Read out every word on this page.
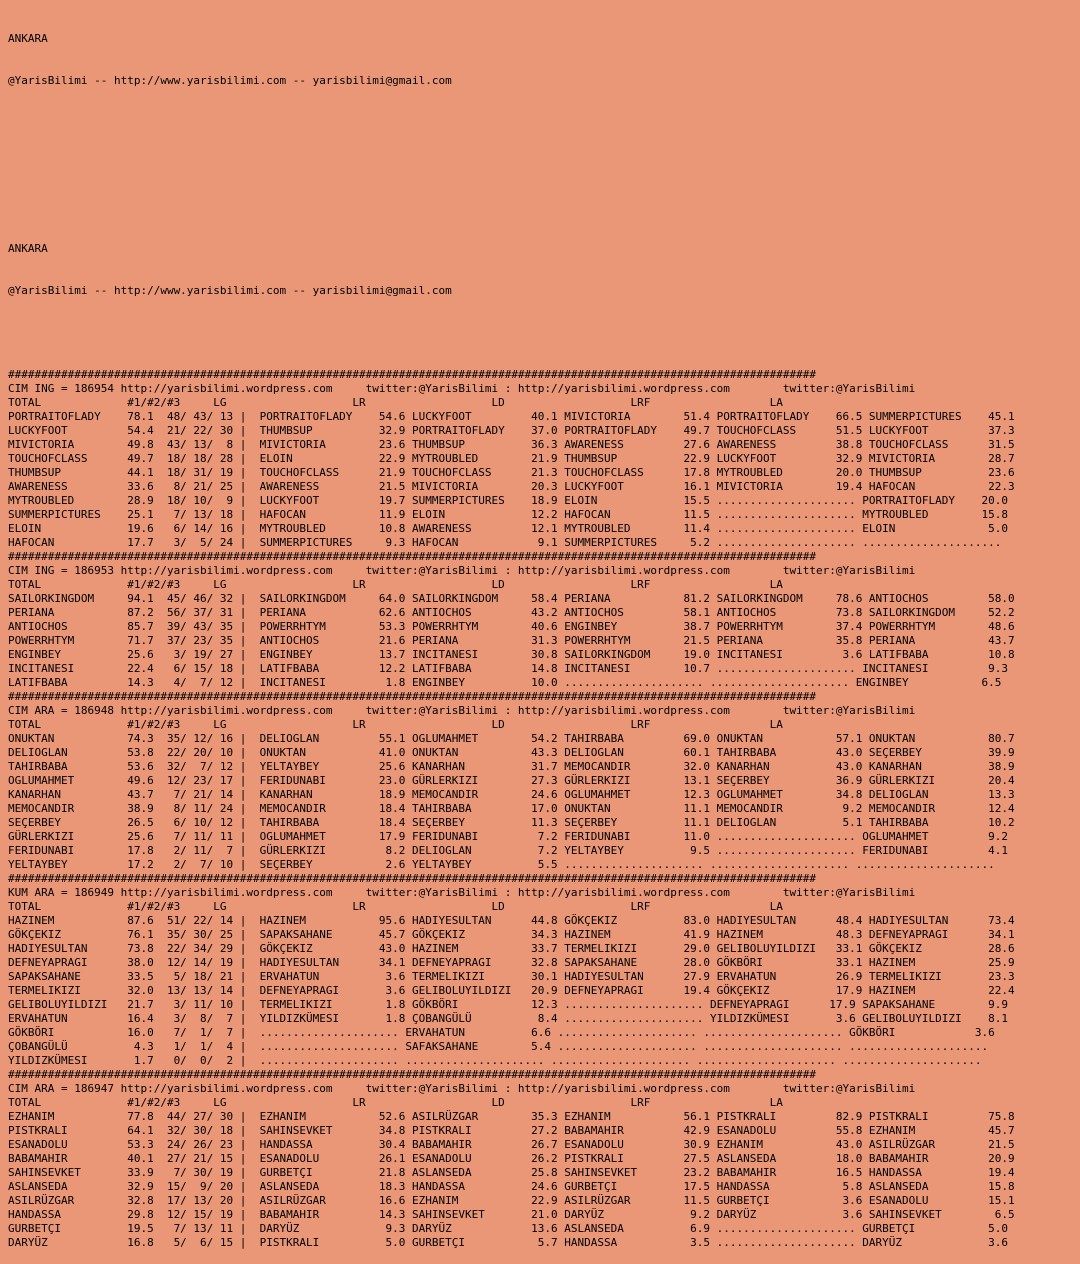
ANKARA

@YarisBilimi -- http://www.yarisbilimi.com -- yarisbilimi@gmail.com

ANKARA

@YarisBilimi -- http://www.yarisbilimi.com -- yarisbilimi@gmail.com

##########################################################################################################################
CIM ING = 186954 http://yarisbilimi.wordpress.com     twitter:@YarisBilimi : http://yarisbilimi.wordpress.com        twitter:@YarisBilimi
TOTAL             #1/#2/#3     LG                   LR                   LD                   LRF                  LA
PORTRAITOFLADY    78.1  48/ 43/ 13 |  PORTRAITOFLADY    54.6 LUCKYFOOT         40.1 MIVICTORIA        51.4 PORTRAITOFLADY    66.5 SUMMERPICTURES    45.1
LUCKYFOOT         54.4  21/ 22/ 30 |  THUMBSUP          32.9 PORTRAITOFLADY    37.0 PORTRAITOFLADY    49.7 TOUCHOFCLASS      51.5 LUCKYFOOT         37.3
MIVICTORIA        49.8  43/ 13/  8 |  MIVICTORIA        23.6 THUMBSUP          36.3 AWARENESS         27.6 AWARENESS         38.8 TOUCHOFCLASS      31.5
TOUCHOFCLASS      49.7  18/ 18/ 28 |  ELOIN             22.9 MYTROUBLED        21.9 THUMBSUP          22.9 LUCKYFOOT         32.9 MIVICTORIA        28.7
THUMBSUP          44.1  18/ 31/ 19 |  TOUCHOFCLASS      21.9 TOUCHOFCLASS      21.3 TOUCHOFCLASS      17.8 MYTROUBLED        20.0 THUMBSUP          23.6
AWARENESS         33.6   8/ 21/ 25 |  AWARENESS         21.5 MIVICTORIA        20.3 LUCKYFOOT         16.1 MIVICTORIA        19.4 HAFOCAN           22.3
MYTROUBLED        28.9  18/ 10/  9 |  LUCKYFOOT         19.7 SUMMERPICTURES    18.9 ELOIN             15.5 ..................... PORTRAITOFLADY    20.0
SUMMERPICTURES    25.1   7/ 13/ 18 |  HAFOCAN           11.9 ELOIN             12.2 HAFOCAN           11.5 ..................... MYTROUBLED        15.8
ELOIN             19.6   6/ 14/ 16 |  MYTROUBLED        10.8 AWARENESS         12.1 MYTROUBLED        11.4 ..................... ELOIN              5.0
HAFOCAN           17.7   3/  5/ 24 |  SUMMERPICTURES     9.3 HAFOCAN            9.1 SUMMERPICTURES     5.2 ..................... .....................
##########################################################################################################################
CIM ING = 186953 http://yarisbilimi.wordpress.com     twitter:@YarisBilimi : http://yarisbilimi.wordpress.com        twitter:@YarisBilimi
TOTAL             #1/#2/#3     LG                   LR                   LD                   LRF                  LA
SAILORKINGDOM     94.1  45/ 46/ 32 |  SAILORKINGDOM     64.0 SAILORKINGDOM     58.4 PERIANA           81.2 SAILORKINGDOM     78.6 ANTIOCHOS         58.0
PERIANA           87.2  56/ 37/ 31 |  PERIANA           62.6 ANTIOCHOS         43.2 ANTIOCHOS         58.1 ANTIOCHOS         73.8 SAILORKINGDOM     52.2
ANTIOCHOS         85.7  39/ 43/ 35 |  POWERRHTYM        53.3 POWERRHTYM        40.6 ENGINBEY          38.7 POWERRHTYM        37.4 POWERRHTYM        48.6
POWERRHTYM        71.7  37/ 23/ 35 |  ANTIOCHOS         21.6 PERIANA           31.3 POWERRHTYM        21.5 PERIANA           35.8 PERIANA           43.7
ENGINBEY          25.6   3/ 19/ 27 |  ENGINBEY          13.7 INCITANESI        30.8 SAILORKINGDOM     19.0 INCITANESI         3.6 LATIFBABA         10.8
INCITANESI        22.4   6/ 15/ 18 |  LATIFBABA         12.2 LATIFBABA         14.8 INCITANESI        10.7 ..................... INCITANESI         9.3
LATIFBABA         14.3   4/  7/ 12 |  INCITANESI         1.8 ENGINBEY          10.0 ..................... ..................... ENGINBEY           6.5
##########################################################################################################################
CIM ARA = 186948 http://yarisbilimi.wordpress.com     twitter:@YarisBilimi : http://yarisbilimi.wordpress.com        twitter:@YarisBilimi
TOTAL             #1/#2/#3     LG                   LR                   LD                   LRF                  LA
ONUKTAN           74.3  35/ 12/ 16 |  DELIOGLAN         55.1 OGLUMAHMET        54.2 TAHIRBABA         69.0 ONUKTAN           57.1 ONUKTAN           80.7
DELIOGLAN         53.8  22/ 20/ 10 |  ONUKTAN           41.0 ONUKTAN           43.3 DELIOGLAN         60.1 TAHIRBABA         43.0 SEÇERBEY          39.9
TAHIRBABA         53.6  32/  7/ 12 |  YELTAYBEY         25.6 KANARHAN          31.7 MEMOCANDIR        32.0 KANARHAN          43.0 KANARHAN          38.9
OGLUMAHMET        49.6  12/ 23/ 17 |  FERIDUNABI        23.0 GÜRLERKIZI        27.3 GÜRLERKIZI        13.1 SEÇERBEY          36.9 GÜRLERKIZI        20.4
KANARHAN          43.7   7/ 21/ 14 |  KANARHAN          18.9 MEMOCANDIR        24.6 OGLUMAHMET        12.3 OGLUMAHMET        34.8 DELIOGLAN         13.3
MEMOCANDIR        38.9   8/ 11/ 24 |  MEMOCANDIR        18.4 TAHIRBABA         17.0 ONUKTAN           11.1 MEMOCANDIR         9.2 MEMOCANDIR        12.4
SEÇERBEY          26.5   6/ 10/ 12 |  TAHIRBABA         18.4 SEÇERBEY          11.3 SEÇERBEY          11.1 DELIOGLAN          5.1 TAHIRBABA         10.2
GÜRLERKIZI        25.6   7/ 11/ 11 |  OGLUMAHMET        17.9 FERIDUNABI         7.2 FERIDUNABI        11.0 ..................... OGLUMAHMET         9.2
FERIDUNABI        17.8   2/ 11/  7 |  GÜRLERKIZI         8.2 DELIOGLAN          7.2 YELTAYBEY          9.5 ..................... FERIDUNABI         4.1
YELTAYBEY         17.2   2/  7/ 10 |  SEÇERBEY           2.6 YELTAYBEY          5.5 ..................... ..................... .....................
##########################################################################################################################
KUM ARA = 186949 http://yarisbilimi.wordpress.com     twitter:@YarisBilimi : http://yarisbilimi.wordpress.com        twitter:@YarisBilimi
TOTAL             #1/#2/#3     LG                   LR                   LD                   LRF                  LA
HAZINEM           87.6  51/ 22/ 14 |  HAZINEM           95.6 HADIYESULTAN      44.8 GÖKÇEKIZ          83.0 HADIYESULTAN      48.4 HADIYESULTAN      73.4
GÖKÇEKIZ          76.1  35/ 30/ 25 |  SAPAKSAHANE       45.7 GÖKÇEKIZ          34.3 HAZINEM           41.9 HAZINEM           48.3 DEFNEYAPRAGI      34.1
HADIYESULTAN      73.8  22/ 34/ 29 |  GÖKÇEKIZ          43.0 HAZINEM           33.7 TERMELIKIZI       29.0 GELIBOLUYILDIZI   33.1 GÖKÇEKIZ          28.6
DEFNEYAPRAGI      38.0  12/ 14/ 19 |  HADIYESULTAN      34.1 DEFNEYAPRAGI      32.8 SAPAKSAHANE       28.0 GÖKBÖRI           33.1 HAZINEM           25.9
SAPAKSAHANE       33.5   5/ 18/ 21 |  ERVAHATUN          3.6 TERMELIKIZI       30.1 HADIYESULTAN      27.9 ERVAHATUN         26.9 TERMELIKIZI       23.3
TERMELIKIZI       32.0  13/ 13/ 14 |  DEFNEYAPRAGI       3.6 GELIBOLUYILDIZI   20.9 DEFNEYAPRAGI      19.4 GÖKÇEKIZ          17.9 HAZINEM           22.4
GELIBOLUYILDIZI   21.7   3/ 11/ 10 |  TERMELIKIZI        1.8 GÖKBÖRI           12.3 ..................... DEFNEYAPRAGI      17.9 SAPAKSAHANE        9.9
ERVAHATUN         16.4   3/  8/  7 |  YILDIZKÜMESI       1.8 ÇOBANGÜLÜ          8.4 ..................... YILDIZKÜMESI       3.6 GELIBOLUYILDIZI    8.1
GÖKBÖRI           16.0   7/  1/  7 |  ..................... ERVAHATUN          6.6 ..................... ..................... GÖKBÖRI            3.6
ÇOBANGÜLÜ          4.3   1/  1/  4 |  ..................... SAFAKSAHANE        5.4 ..................... ..................... .....................
YILDIZKÜMESI       1.7   0/  0/  2 |  ..................... ..................... ..................... ..................... .....................
##########################################################################################################################
CIM ARA = 186947 http://yarisbilimi.wordpress.com     twitter:@YarisBilimi : http://yarisbilimi.wordpress.com        twitter:@YarisBilimi
TOTAL             #1/#2/#3     LG                   LR                   LD                   LRF                  LA
EZHANIM           77.8  44/ 27/ 30 |  EZHANIM           52.6 ASILRÜZGAR        35.3 EZHANIM           56.1 PISTKRALI         82.9 PISTKRALI         75.8
PISTKRALI         64.1  32/ 30/ 18 |  SAHINSEVKET       34.8 PISTKRALI         27.2 BABAMAHIR         42.9 ESANADOLU         55.8 EZHANIM           45.7
ESANADOLU         53.3  24/ 26/ 23 |  HANDASSA          30.4 BABAMAHIR         26.7 ESANADOLU         30.9 EZHANIM           43.0 ASILRÜZGAR        21.5
BABAMAHIR         40.1  27/ 21/ 15 |  ESANADOLU         26.1 ESANADOLU         26.2 PISTKRALI         27.5 ASLANSEDA         18.0 BABAMAHIR         20.9
SAHINSEVKET       33.9   7/ 30/ 19 |  GURBETÇI          21.8 ASLANSEDA         25.8 SAHINSEVKET       23.2 BABAMAHIR         16.5 HANDASSA          19.4
ASLANSEDA         32.9  15/  9/ 20 |  ASLANSEDA         18.3 HANDASSA          24.6 GURBETÇI          17.5 HANDASSA           5.8 ASLANSEDA         15.8
ASILRÜZGAR        32.8  17/ 13/ 20 |  ASILRÜZGAR        16.6 EZHANIM           22.9 ASILRÜZGAR        11.5 GURBETÇI           3.6 ESANADOLU         15.1
HANDASSA          29.8  12/ 15/ 19 |  BABAMAHIR         14.3 SAHINSEVKET       21.0 DARYÜZ             9.2 DARYÜZ             3.6 SAHINSEVKET        6.5
GURBETÇI          19.5   7/ 13/ 11 |  DARYÜZ             9.3 DARYÜZ            13.6 ASLANSEDA          6.9 ..................... GURBETÇI           5.0
DARYÜZ            16.8   5/  6/ 15 |  PISTKRALI          5.0 GURBETÇI           5.7 HANDASSA           3.5 ..................... DARYÜZ             3.6
